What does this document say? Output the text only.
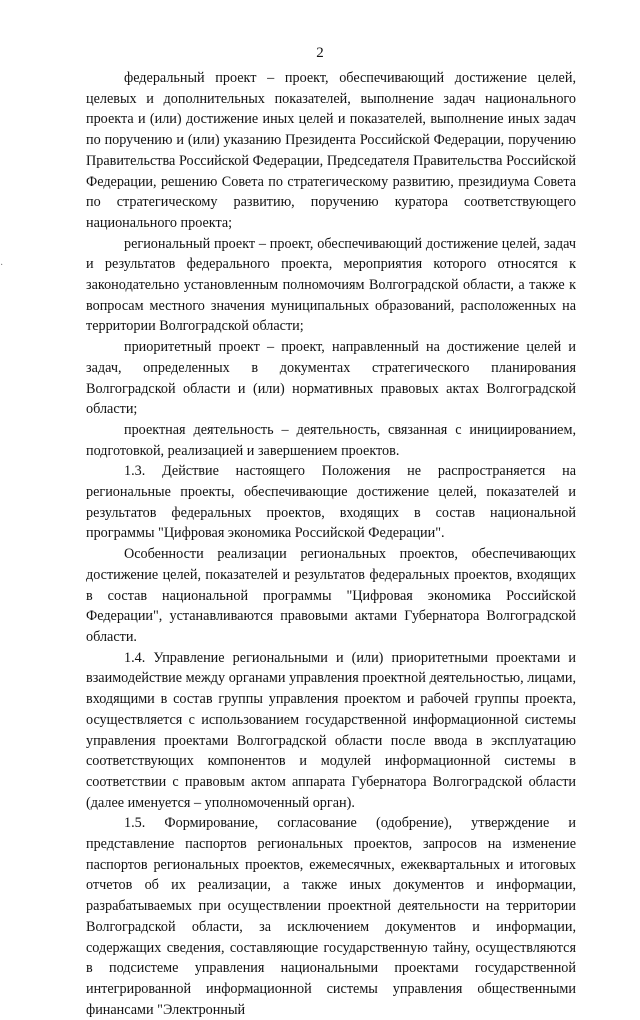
2
·

федеральный проект – проект, обеспечивающий достижение целей, целевых и дополнительных показателей, выполнение задач национального проекта и (или) достижение иных целей и показателей, выполнение иных задач по поручению и (или) указанию Президента Российской Федерации, поручению Правительства Российской Федерации, Председателя Правительства Российской Федерации, решению Совета по стратегическому развитию, президиума Совета по стратегическому развитию, поручению куратора соответствующего национального проекта;

региональный проект – проект, обеспечивающий достижение целей, задач и результатов федерального проекта, мероприятия которого относятся к законодательно установленным полномочиям Волгоградской области, а также к вопросам местного значения муниципальных образований, расположенных на территории Волгоградской области;

приоритетный проект – проект, направленный на достижение целей и задач, определенных в документах стратегического планирования Волгоградской области и (или) нормативных правовых актах Волгоградской области;

проектная деятельность – деятельность, связанная с инициированием, подготовкой, реализацией и завершением проектов.

1.3. Действие настоящего Положения не распространяется на региональные проекты, обеспечивающие достижение целей, показателей и результатов федеральных проектов, входящих в состав национальной программы "Цифровая экономика Российской Федерации".

Особенности реализации региональных проектов, обеспечивающих достижение целей, показателей и результатов федеральных проектов, входящих в состав национальной программы "Цифровая экономика Российской Федерации", устанавливаются правовыми актами Губернатора Волгоградской области.

1.4. Управление региональными и (или) приоритетными проектами и взаимодействие между органами управления проектной деятельностью, лицами, входящими в состав группы управления проектом и рабочей группы проекта, осуществляется с использованием государственной информационной системы управления проектами Волгоградской области после ввода в эксплуатацию соответствующих компонентов и модулей информационной системы в соответствии с правовым актом аппарата Губернатора Волгоградской области (далее именуется – уполномоченный орган).

1.5. Формирование, согласование (одобрение), утверждение и представление паспортов региональных проектов, запросов на изменение паспортов региональных проектов, ежемесячных, ежеквартальных и итоговых отчетов об их реализации, а также иных документов и информации, разрабатываемых при осуществлении проектной деятельности на территории Волгоградской области, за исключением документов и информации, содержащих сведения, составляющие государственную тайну, осуществляются в подсистеме управления национальными проектами государственной интегрированной информационной системы управления общественными финансами "Электронный
